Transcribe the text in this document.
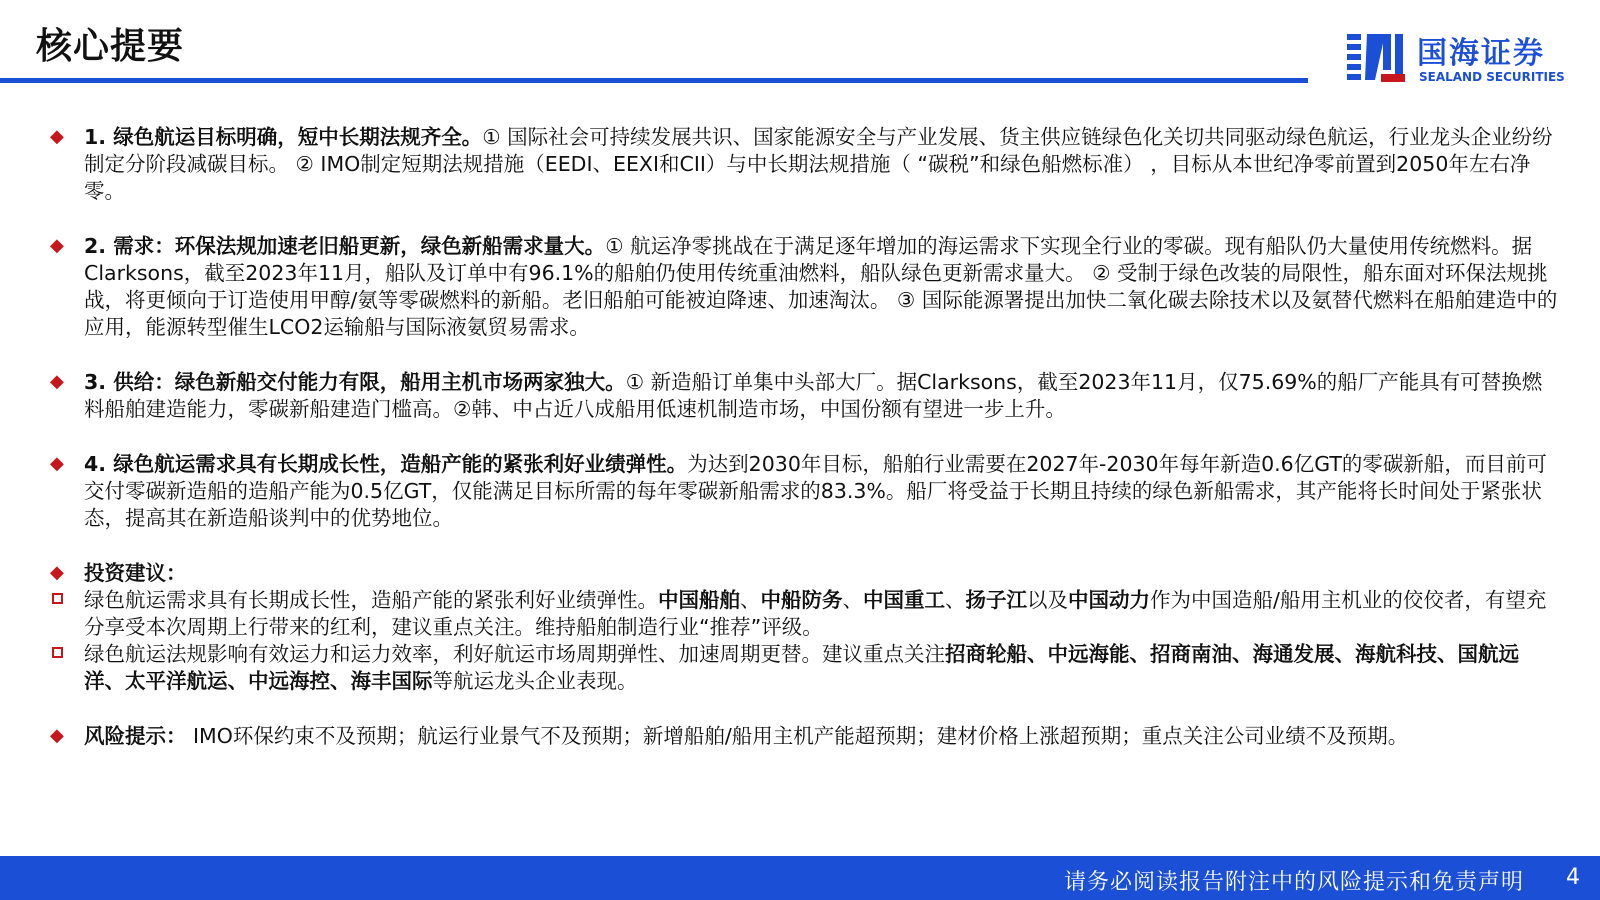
核心提要	国海证券
SEALAND SECURITIES
◆ 1. 绿色航运目标明确，短中长期法规齐全。① 国际社会可持续发展共识、国家能源安全与产业发展、货主供应链绿色化关切共同驱动绿色航运，行业龙头企业纷纷制定分阶段减碳目标。 ② IMO制定短期法规措施（EEDI、EEXI和CII）与中长期法规措施（ “碳税”和绿色船燃标准） ，目标从本世纪净零前置到2050年左右净零。
◆ 2. 需求：环保法规加速老旧船更新，绿色新船需求量大。① 航运净零挑战在于满足逐年增加的海运需求下实现全行业的零碳。现有船队仍大量使用传统燃料。据Clarksons，截至2023年11月，船队及订单中有96.1%的船舶仍使用传统重油燃料，船队绿色更新需求量大。 ② 受制于绿色改装的局限性，船东面对环保法规挑战，将更倾向于订造使用甲醇/氨等零碳燃料的新船。老旧船舶可能被迫降速、加速淘汰。 ③ 国际能源署提出加快二氧化碳去除技术以及氨替代燃料在船舶建造中的应用，能源转型催生LCO2运输船与国际液氨贸易需求。
◆ 3. 供给：绿色新船交付能力有限，船用主机市场两家独大。① 新造船订单集中头部大厂。据Clarksons，截至2023年11月，仅75.69%的船厂产能具有可替换燃料船舶建造能力，零碳新船建造门槛高。②韩、中占近八成船用低速机制造市场，中国份额有望进一步上升。
◆ 4. 绿色航运需求具有长期成长性，造船产能的紧张利好业绩弹性。为达到2030年目标，船舶行业需要在2027年-2030年每年新造0.6亿GT的零碳新船，而目前可交付零碳新造船的造船产能为0.5亿GT，仅能满足目标所需的每年零碳新船需求的83.3%。船厂将受益于长期且持续的绿色新船需求，其产能将长时间处于紧张状态，提高其在新造船谈判中的优势地位。
◆ 投资建议：
绿色航运需求具有长期成长性，造船产能的紧张利好业绩弹性。中国船舶、中船防务、中国重工、扬子江以及中国动力作为中国造船/船用主机业的佼佼者，有望充分享受本次周期上行带来的红利，建议重点关注。维持船舶制造行业“推荐”评级。
绿色航运法规影响有效运力和运力效率，利好航运市场周期弹性、加速周期更替。建议重点关注招商轮船、中远海能、招商南油、海通发展、海航科技、国航远洋、太平洋航运、中远海控、海丰国际等航运龙头企业表现。
◆ 风险提示： IMO环保约束不及预期；航运行业景气不及预期；新增船舶/船用主机产能超预期；建材价格上涨超预期；重点关注公司业绩不及预期。
请务必阅读报告附注中的风险提示和免责声明 4
